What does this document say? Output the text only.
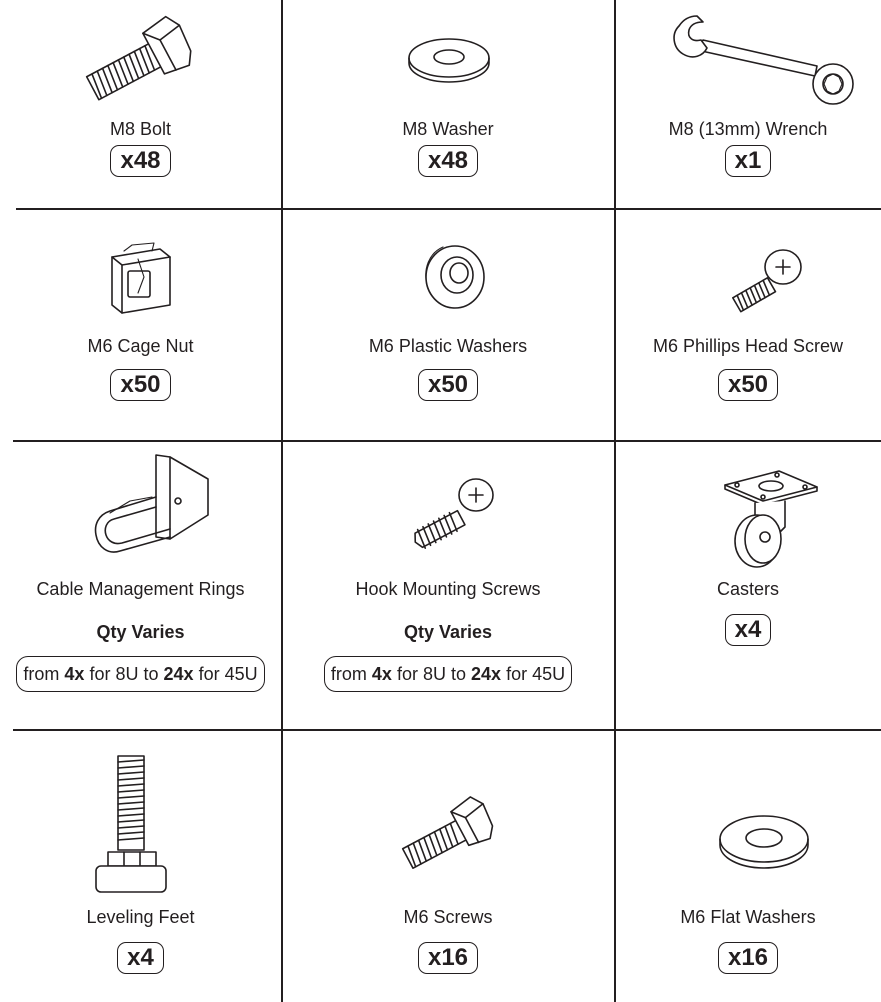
M8 Bolt
x48
M8 Washer
x48
M8 (13mm) Wrench
x1
M6 Cage Nut
x50
M6 Plastic Washers
x50
M6 Phillips Head Screw
x50
Cable Management Rings
Qty Varies
from 4x for 8U to 24x for 45U
Hook Mounting Screws
Qty Varies
from 4x for 8U to 24x for 45U
Casters
x4
Leveling Feet
x4
M6 Screws
x16
M6 Flat Washers
x16
